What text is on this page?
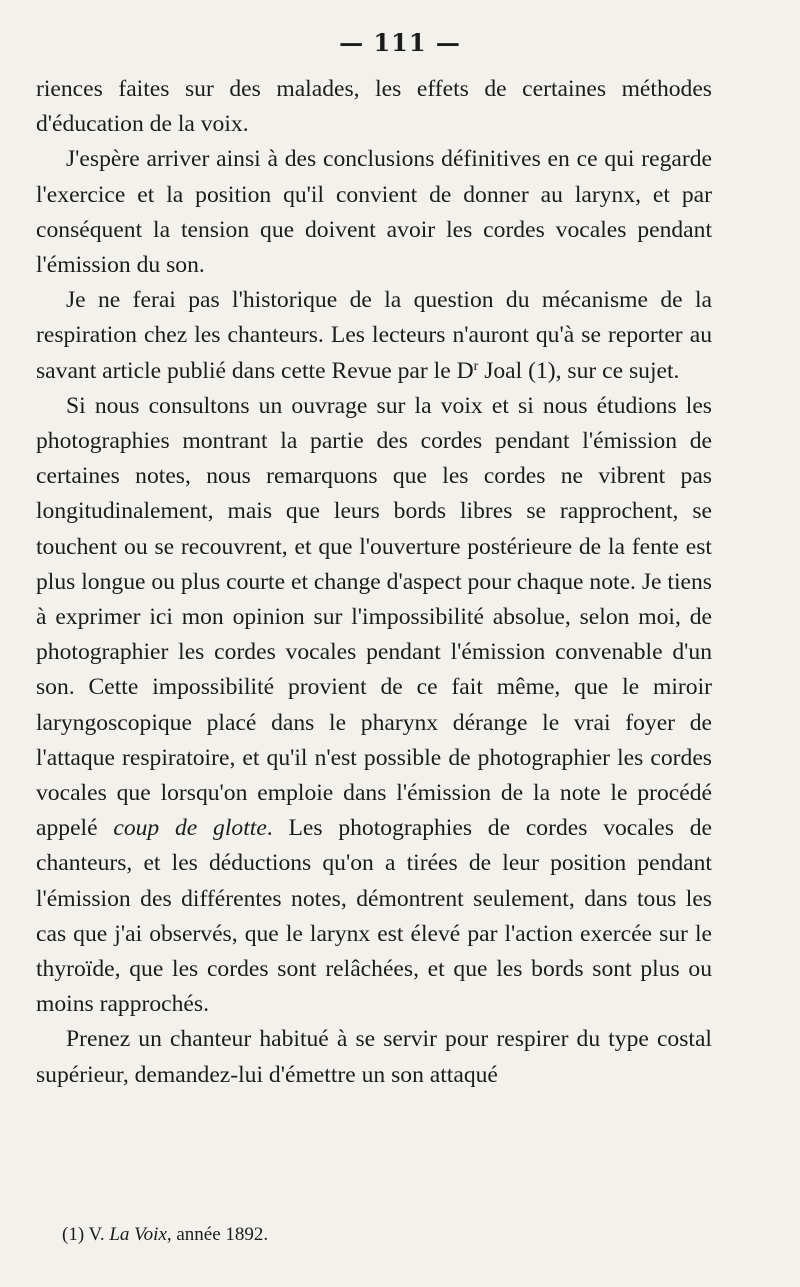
— 111 —

riences faites sur des malades, les effets de certaines méthodes d'éducation de la voix.

J'espère arriver ainsi à des conclusions définitives en ce qui regarde l'exercice et la position qu'il convient de donner au larynx, et par conséquent la tension que doivent avoir les cordes vocales pendant l'émission du son.

Je ne ferai pas l'historique de la question du mécanisme de la respiration chez les chanteurs. Les lecteurs n'auront qu'à se reporter au savant article publié dans cette Revue par le $D^r$ Joal (1), sur ce sujet.

Si nous consultons un ouvrage sur la voix et si nous étudions les photographies montrant la partie des cordes pendant l'émission de certaines notes, nous remarquons que les cordes ne vibrent pas longitudinalement, mais que leurs bords libres se rapprochent, se touchent ou se recouvrent, et que l'ouverture postérieure de la fente est plus longue ou plus courte et change d'aspect pour chaque note. Je tiens à exprimer ici mon opinion sur l'impossibilité absolue, selon moi, de photographier les cordes vocales pendant l'émission convenable d'un son. Cette impossibilité provient de ce fait même, que le miroir laryngoscopique placé dans le pharynx dérange le vrai foyer de l'attaque respiratoire, et qu'il n'est possible de photographier les cordes vocales que lorsqu'on emploie dans l'émission de la note le procédé appelé coup de glotte. Les photographies de cordes vocales de chanteurs, et les déductions qu'on a tirées de leur position pendant l'émission des différentes notes, démontrent seulement, dans tous les cas que j'ai observés, que le larynx est élevé par l'action exercée sur le thyroïde, que les cordes sont relâchées, et que les bords sont plus ou moins rapprochés.

Prenez un chanteur habitué à se servir pour respirer du type costal supérieur, demandez-lui d'émettre un son attaqué

(1) V. La Voix, année 1892.
